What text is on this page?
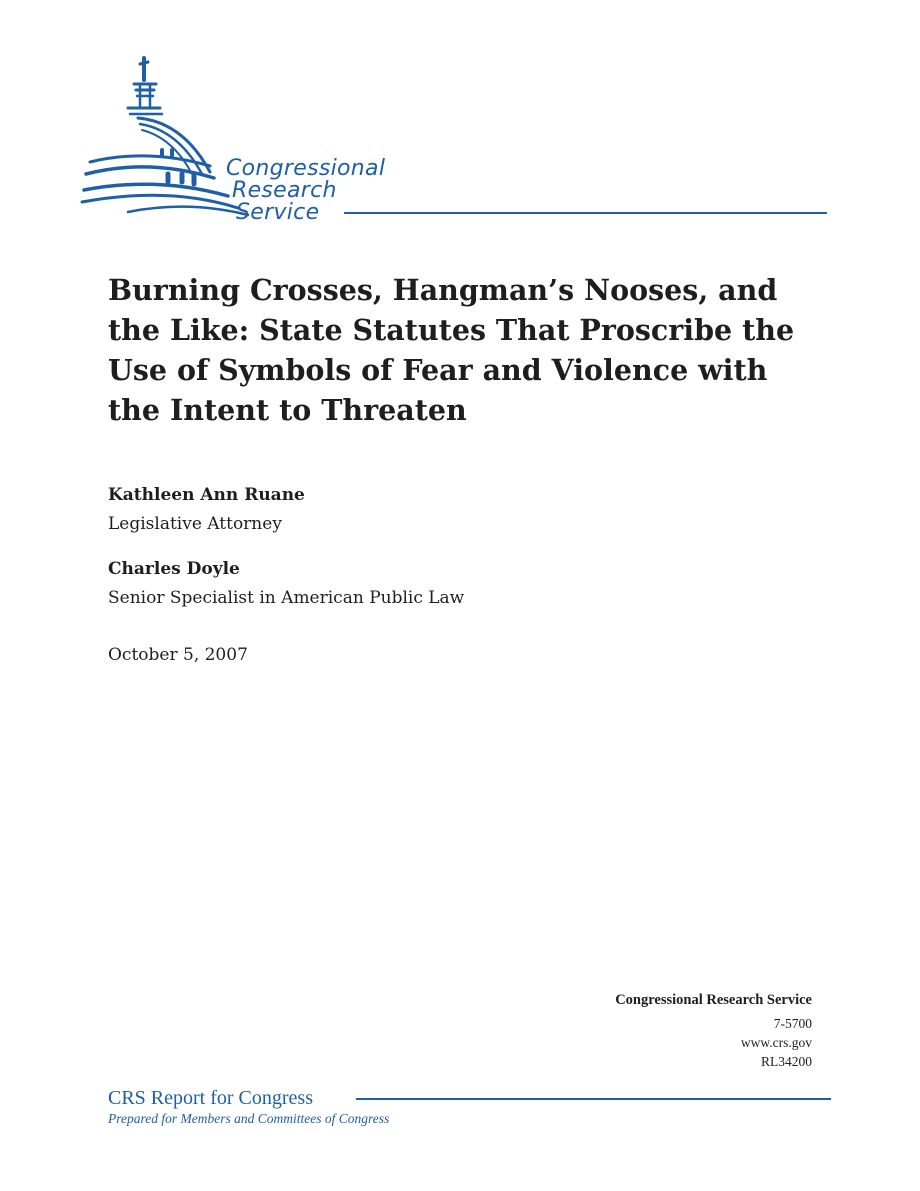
Congressional
Research
Service
Burning Crosses, Hangman’s Nooses, and the Like: State Statutes That Proscribe the Use of Symbols of Fear and Violence with the Intent to Threaten
Kathleen Ann Ruane
Legislative Attorney
Charles Doyle
Senior Specialist in American Public Law
October 5, 2007
Congressional Research Service
7-5700
www.crs.gov
RL34200
CRS Report for Congress
Prepared for Members and Committees of Congress
